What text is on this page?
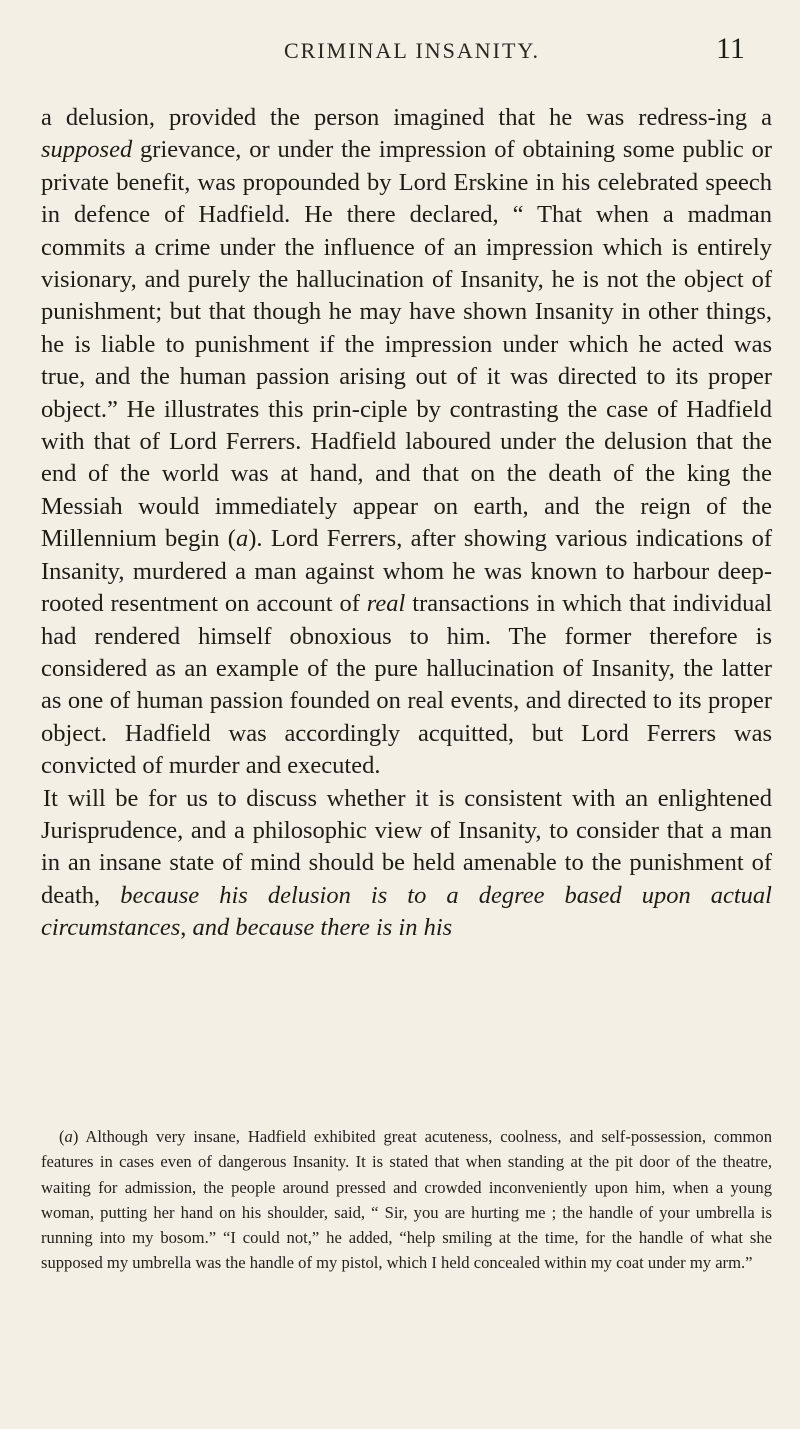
CRIMINAL INSANITY.	11

a delusion, provided the person imagined that he was redress-ing a supposed grievance, or under the impression of obtaining some public or private benefit, was propounded by Lord Erskine in his celebrated speech in defence of Hadfield. He there declared, “ That when a madman commits a crime under the influence of an impression which is entirely visionary, and purely the hallucination of Insanity, he is not the object of punishment; but that though he may have shown Insanity in other things, he is liable to punishment if the impression under which he acted was true, and the human passion arising out of it was directed to its proper object.” He illustrates this prin-ciple by contrasting the case of Hadfield with that of Lord Ferrers. Hadfield laboured under the delusion that the end of the world was at hand, and that on the death of the king the Messiah would immediately appear on earth, and the reign of the Millennium begin (a). Lord Ferrers, after showing various indications of Insanity, murdered a man against whom he was known to harbour deep-rooted resentment on account of real transactions in which that individual had rendered himself obnoxious to him. The former therefore is considered as an example of the pure hallucination of Insanity, the latter as one of human passion founded on real events, and directed to its proper object. Hadfield was accordingly acquitted, but Lord Ferrers was convicted of murder and executed.

It will be for us to discuss whether it is consistent with an enlightened Jurisprudence, and a philosophic view of Insanity, to consider that a man in an insane state of mind should be held amenable to the punishment of death, because his delusion is to a degree based upon actual circumstances, and because there is in his

(a) Although very insane, Hadfield exhibited great acuteness, coolness, and self-possession, common features in cases even of dangerous Insanity. It is stated that when standing at the pit door of the theatre, waiting for admission, the people around pressed and crowded inconveniently upon him, when a young woman, putting her hand on his shoulder, said, “ Sir, you are hurting me ; the handle of your umbrella is running into my bosom.” “I could not,” he added, “help smiling at the time, for the handle of what she supposed my umbrella was the handle of my pistol, which I held concealed within my coat under my arm.”
